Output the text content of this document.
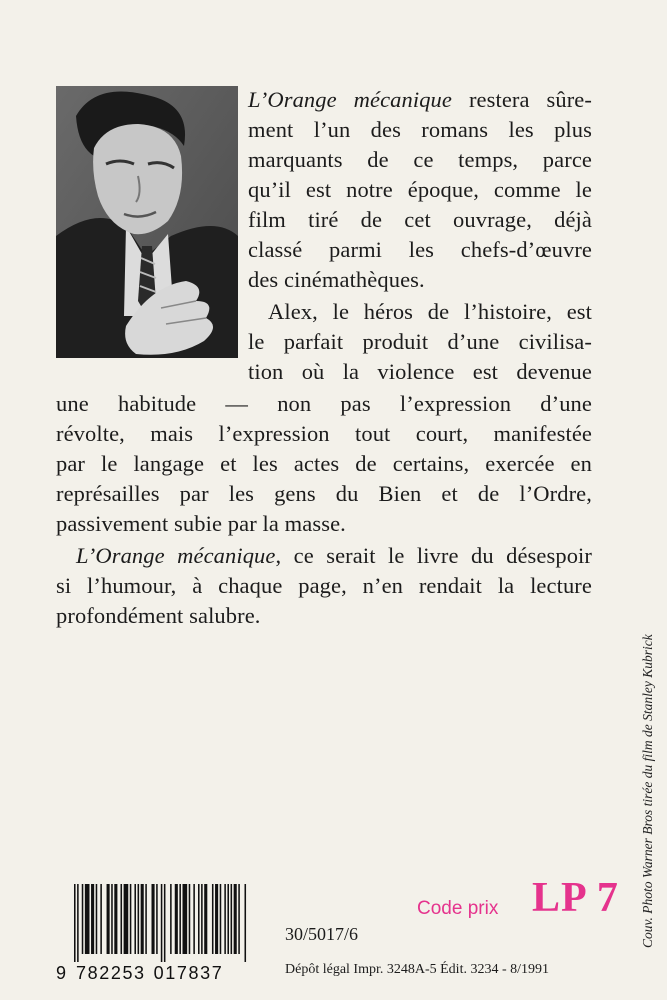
L’Orange mécanique restera sûre-
ment l’un des romans les plus
marquants de ce temps, parce
qu’il est notre époque, comme le
film tiré de cet ouvrage, déjà
classé parmi les chefs-d’œuvre
des cinémathèques.
Alex, le héros de l’histoire, est
le parfait produit d’une civilisa-
tion où la violence est devenue
une habitude — non pas l’expression d’une
révolte, mais l’expression tout court, manifestée
par le langage et les actes de certains, exercée en
représailles par les gens du Bien et de l’Ordre,
passivement subie par la masse.
L’Orange mécanique, ce serait le livre du désespoir
si l’humour, à chaque page, n’en rendait la lecture
profondément salubre.
Couv. Photo Warner Bros tirée du film de Stanley Kubrick
9 782253 017837
Code prix LP 7
30/5017/6
Dépôt légal Impr. 3248A-5 Édit. 3234 - 8/1991
